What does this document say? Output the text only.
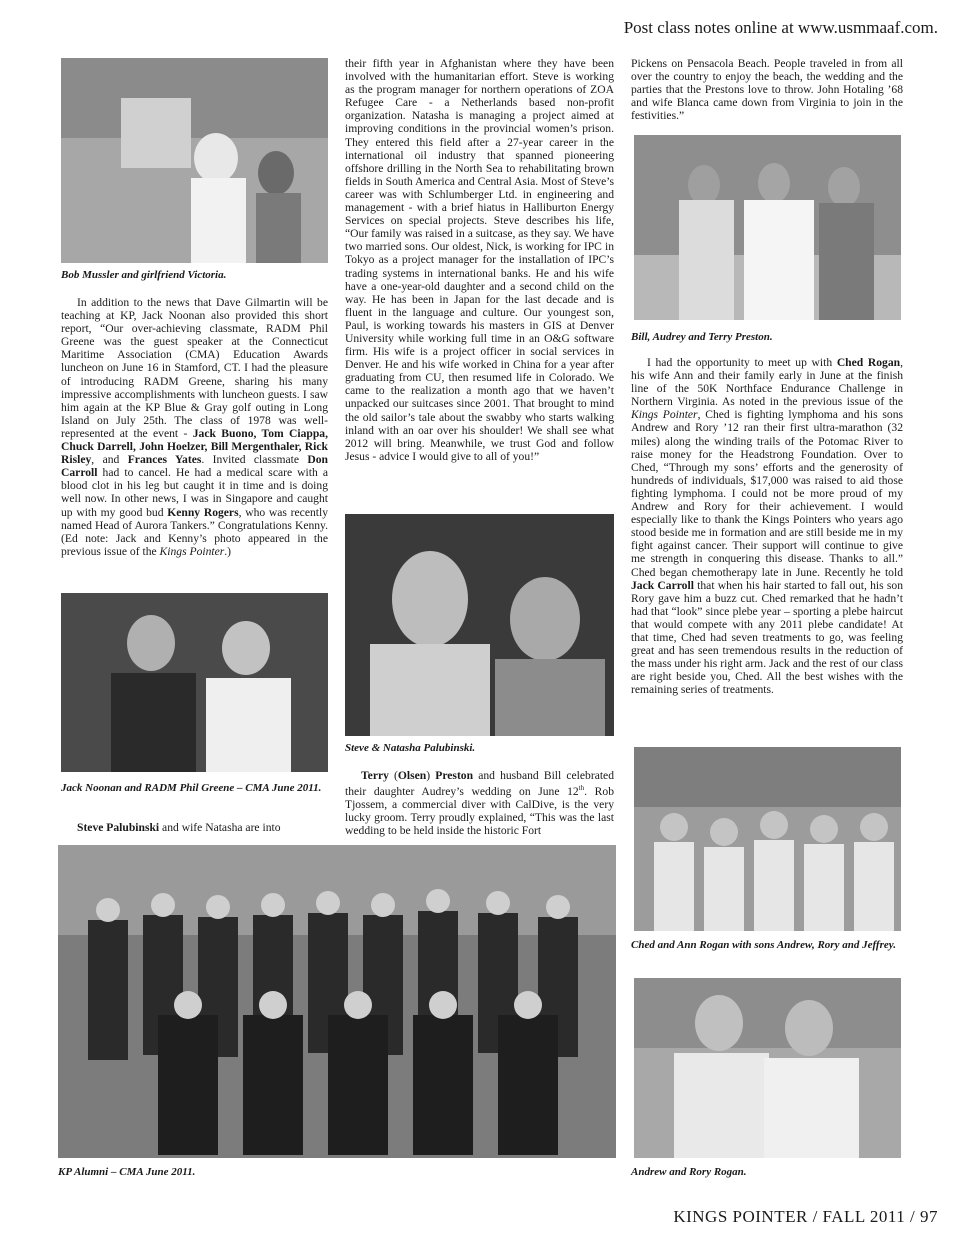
Post class notes online at www.usmmaaf.com.
Bob Mussler and girlfriend Victoria.

In addition to the news that Dave Gilmartin will be teaching at KP, Jack Noonan also provided this short report, “Our over-achieving classmate, RADM Phil Greene was the guest speaker at the Connecticut Maritime Association (CMA) Education Awards luncheon on June 16 in Stamford, CT. I had the pleasure of introducing RADM Greene, sharing his many impressive accomplishments with luncheon guests. I saw him again at the KP Blue & Gray golf outing in Long Island on July 25th. The class of 1978 was well-represented at the event - Jack Buono, Tom Ciappa, Chuck Darrell, John Hoelzer, Bill Mergenthaler, Rick Risley, and Frances Yates. Invited classmate Don Carroll had to cancel. He had a medical scare with a blood clot in his leg but caught it in time and is doing well now. In other news, I was in Singapore and caught up with my good bud Kenny Rogers, who was recently named Head of Aurora Tankers.” Congratulations Kenny. (Ed note: Jack and Kenny’s photo appeared in the previous issue of the Kings Pointer.)

Jack Noonan and RADM Phil Greene – CMA June 2011.

Steve Palubinski and wife Natasha are into

their fifth year in Afghanistan where they have been involved with the humanitarian effort. Steve is working as the program manager for northern operations of ZOA Refugee Care - a Netherlands based non-profit organization. Natasha is managing a project aimed at improving conditions in the provincial women’s prison. They entered this field after a 27-year career in the international oil industry that spanned pioneering offshore drilling in the North Sea to rehabilitating brown fields in South America and Central Asia. Most of Steve’s career was with Schlumberger Ltd. in engineering and management - with a brief hiatus in Halliburton Energy Services on special projects. Steve describes his life, “Our family was raised in a suitcase, as they say. We have two married sons. Our oldest, Nick, is working for IPC in Tokyo as a project manager for the installation of IPC’s trading systems in international banks. He and his wife have a one-year-old daughter and a second child on the way. He has been in Japan for the last decade and is fluent in the language and culture. Our youngest son, Paul, is working towards his masters in GIS at Denver University while working full time in an O&G software firm. His wife is a project officer in social services in Denver. He and his wife worked in China for a year after graduating from CU, then resumed life in Colorado. We came to the realization a month ago that we haven’t unpacked our suitcases since 2001. That brought to mind the old sailor’s tale about the swabby who starts walking inland with an oar over his shoulder! We shall see what 2012 will bring. Meanwhile, we trust God and follow Jesus - advice I would give to all of you!”

Steve & Natasha Palubinski.

Terry (Olsen) Preston and husband Bill celebrated their daughter Audrey’s wedding on June 12th. Rob Tjossem, a commercial diver with CalDive, is the very lucky groom. Terry proudly explained, “This was the last wedding to be held inside the historic Fort

KP Alumni – CMA June 2011.

Pickens on Pensacola Beach. People traveled in from all over the country to enjoy the beach, the wedding and the parties that the Prestons love to throw. John Hotaling ’68 and wife Blanca came down from Virginia to join in the festivities.”

Bill, Audrey and Terry Preston.

I had the opportunity to meet up with Ched Rogan, his wife Ann and their family early in June at the finish line of the 50K Northface Endurance Challenge in Northern Virginia. As noted in the previous issue of the Kings Pointer, Ched is fighting lymphoma and his sons Andrew and Rory ’12 ran their first ultra-marathon (32 miles) along the winding trails of the Potomac River to raise money for the Headstrong Foundation. Over to Ched, “Through my sons’ efforts and the generosity of hundreds of individuals, $17,000 was raised to aid those fighting lymphoma. I could not be more proud of my Andrew and Rory for their achievement. I would especially like to thank the Kings Pointers who years ago stood beside me in formation and are still beside me in my fight against cancer. Their support will continue to give me strength in conquering this disease. Thanks to all.” Ched began chemotherapy late in June. Recently he told Jack Carroll that when his hair started to fall out, his son Rory gave him a buzz cut. Ched remarked that he hadn’t had that “look” since plebe year – sporting a plebe haircut that would compete with any 2011 plebe candidate! At that time, Ched had seven treatments to go, was feeling great and has seen tremendous results in the reduction of the mass under his right arm. Jack and the rest of our class are right beside you, Ched. All the best wishes with the remaining series of treatments.

Ched and Ann Rogan with sons Andrew, Rory and Jeffrey.
Andrew and Rory Rogan.
KINGS POINTER / FALL 2011 / 97
